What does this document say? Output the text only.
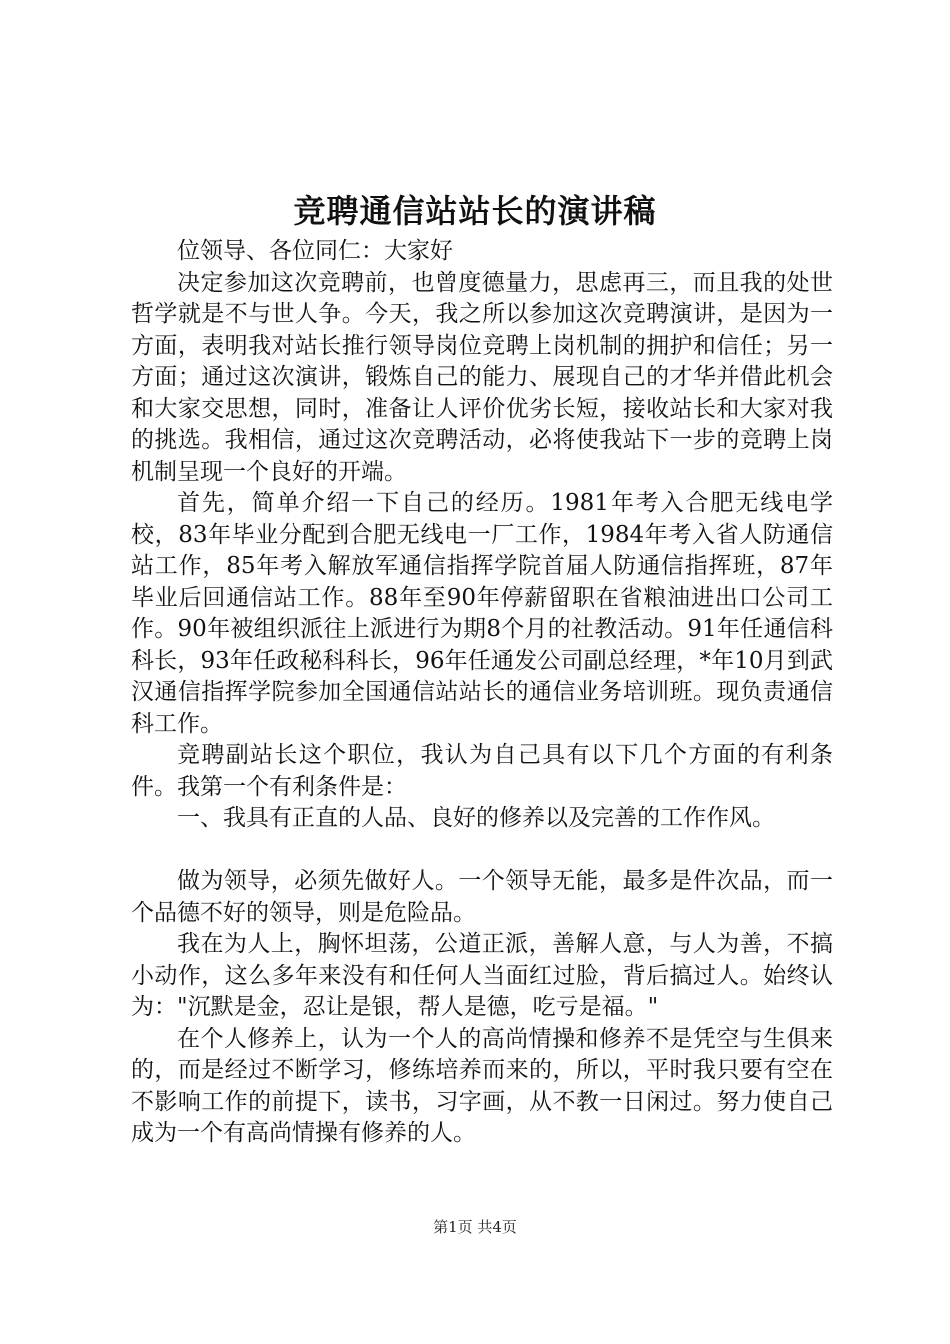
竞聘通信站站长的演讲稿

位领导、各位同仁：大家好

决定参加这次竞聘前，也曾度德量力，思虑再三，而且我的处世哲学就是不与世人争。今天，我之所以参加这次竞聘演讲，是因为一方面，表明我对站长推行领导岗位竞聘上岗机制的拥护和信任；另一方面；通过这次演讲，锻炼自己的能力、展现自己的才华并借此机会和大家交思想，同时，准备让人评价优劣长短，接收站长和大家对我的挑选。我相信，通过这次竞聘活动，必将使我站下一步的竞聘上岗机制呈现一个良好的开端。

首先，简单介绍一下自己的经历。1981年考入合肥无线电学校，83年毕业分配到合肥无线电一厂工作，1984年考入省人防通信站工作，85年考入解放军通信指挥学院首届人防通信指挥班，87年毕业后回通信站工作。88年至90年停薪留职在省粮油进出口公司工作。90年被组织派往上派进行为期8个月的社教活动。91年任通信科科长，93年任政秘科科长，96年任通发公司副总经理，*年10月到武汉通信指挥学院参加全国通信站站长的通信业务培训班。现负责通信科工作。

竞聘副站长这个职位，我认为自己具有以下几个方面的有利条件。我第一个有利条件是：

一、我具有正直的人品、良好的修养以及完善的工作作风。

做为领导，必须先做好人。一个领导无能，最多是件次品，而一个品德不好的领导，则是危险品。

我在为人上，胸怀坦荡，公道正派，善解人意，与人为善，不搞小动作，这么多年来没有和任何人当面红过脸，背后搞过人。始终认为："沉默是金，忍让是银，帮人是德，吃亏是福。"

在个人修养上，认为一个人的高尚情操和修养不是凭空与生俱来的，而是经过不断学习，修练培养而来的，所以，平时我只要有空在不影响工作的前提下，读书，习字画，从不教一日闲过。努力使自己成为一个有高尚情操有修养的人。

第1页 共4页
